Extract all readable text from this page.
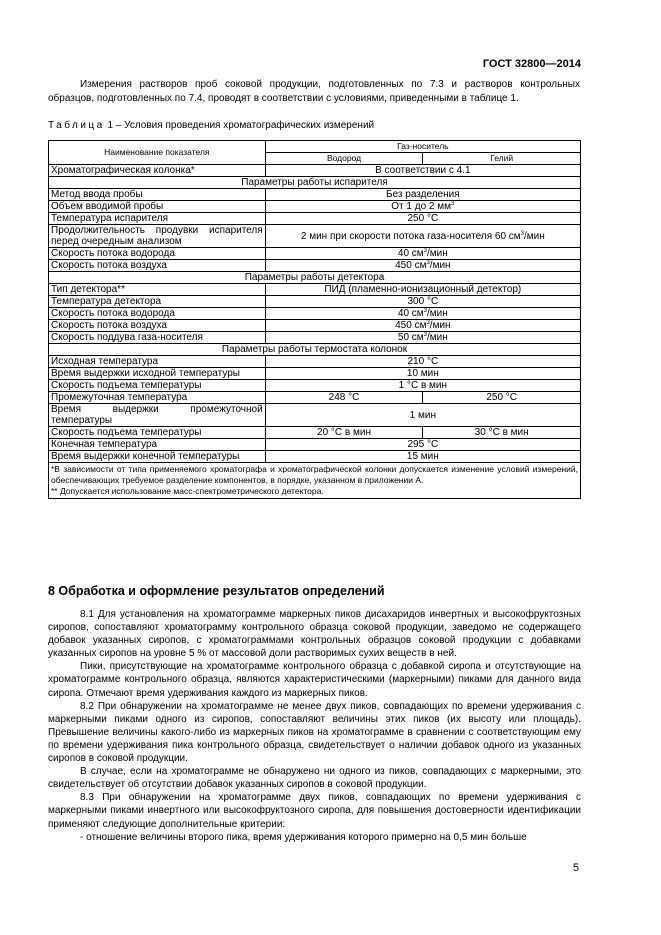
ГОСТ 32800—2014

Измерения растворов проб соковой продукции, подготовленных по 7.3 и растворов контрольных образцов, подготовленных по 7.4, проводят в соответствии с условиями, приведенными в таблице 1.

Таблица 1 – Условия проведения хроматографических измерений
Наименование показателя	Газ-носитель	
	Водород	Гелий
Хроматографическая колонка*	В соответствии с 4.1	
Параметры работы испарителя		
Метод ввода пробы	Без разделения	
Объем вводимой пробы	От 1 до 2 $мм^3$
Температура испарителя	250 °С	
Продолжительность продувки испарителя перед очередным анализом	2 мин при скорости потока газа-носителя 60 $см^3$/мин	
Скорость потока водорода	40 $см^3$/мин	
Скорость потока воздуха	450 $см^3$/мин	
Параметры работы детектора		
Тип детектора**	ПИД (пламенно-ионизационный детектор)	
Температура детектора	300 °С	
Скорость потока водорода	40 $см^3$/мин	
Скорость потока воздуха	450 $см^3$/мин	
Скорость поддува газа-носителя	50 $см^3$/мин	
Параметры работы термостата колонок		
Исходная температура	210 °С	
Время выдержки исходной температуры	10 мин	
Скорость подъема температуры	1 °С в мин	
Промежуточная температура	248 °С	250 °С
Время выдержки промежуточной температуры	1 мин	
Скорость подъема температуры	20 °С в мин	30 °С в мин
Конечная температура	295 °С	
Время выдержки конечной температуры	15 мин	

*В зависимости от типа применяемого хроматографа и хроматографической колонки допускается изменение условий измерений, обеспечивающих требуемое разделение компонентов, в порядке, указанном в приложении А.
** Допускается использование масс-спектрометрического детектора.		
8 Обработка и оформление результатов определений

8.1 Для установления на хроматограмме маркерных пиков дисахаридов инвертных и высокофруктозных сиропов, сопоставляют хроматограмму контрольного образца соковой продукции, заведомо не содержащего добавок указанных сиропов, с хроматограммами контрольных образцов соковой продукции с добавками указанных сиропов на уровне 5 % от массовой доли растворимых сухих веществ в ней.

Пики, присутствующие на хроматограмме контрольного образца с добавкой сиропа и отсутствующие на хроматограмме контрольного образца, являются характеристическими (маркерными) пиками для данного вида сиропа. Отмечают время удерживания каждого из маркерных пиков.

8.2 При обнаружении на хроматограмме не менее двух пиков, совпадающих по времени удерживания с маркерными пиками одного из сиропов, сопоставляют величины этих пиков (их высоту или площадь). Превышение величины какого-либо из маркерных пиков на хроматограмме в сравнении с соответствующим ему по времени удерживания пика контрольного образца, свидетельствует о наличии добавок одного из указанных сиропов в соковой продукции.

В случае, если на хроматограмме не обнаружено ни одного из пиков, совпадающих с маркерными, это свидетельствует об отсутствии добавок указанных сиропов в соковой продукции.

8.3 При обнаружении на хроматограмме двух пиков, совпадающих по времени удерживания с маркерными пиками инвертного или высокофруктозного сиропа, для повышения достоверности идентификации применяют следующие дополнительные критерии:

- отношение величины второго пика, время удерживания которого примерно на 0,5 мин больше

5
